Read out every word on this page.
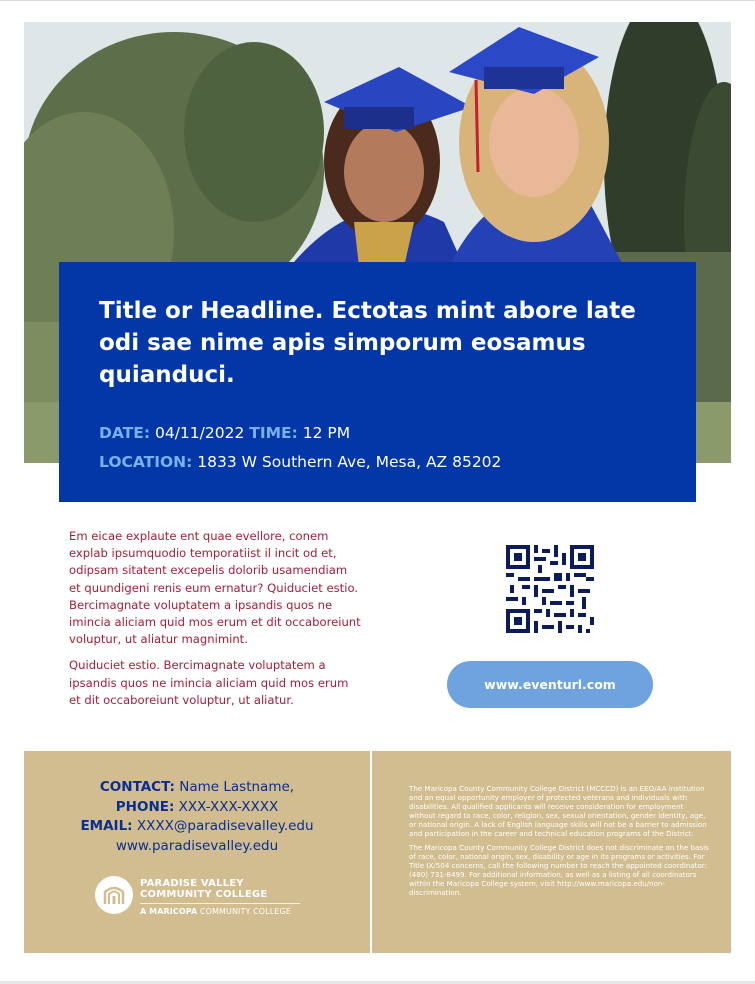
Title or Headline. Ectotas mint abore late odi sae nime apis simporum eosamus quianduci.
DATE: 04/11/2022 TIME: 12 PM
LOCATION: 1833 W Southern Ave, Mesa, AZ 85202

Em eicae explaute ent quae evellore, conem explab ipsumquodio temporatiist il incit od et, odipsam sitatent excepelis dolorib usamendiam et quundigeni renis eum ernatur? Quiduciet estio. Bercimagnate voluptatem a ipsandis quos ne imincia aliciam quid mos erum et dit occaboreiunt voluptur, ut aliatur magnimint.

Quiduciet estio. Bercimagnate voluptatem a ipsandis quos ne imincia aliciam quid mos erum et dit occaboreiunt voluptur, ut aliatur.

www.eventurl.com
CONTACT: Name Lastname,
PHONE: XXX-XXX-XXXX
EMAIL: XXXX@paradisevalley.edu
www.paradisevalley.edu
PARADISE VALLEY
COMMUNITY COLLEGE
A MARICOPA COMMUNITY COLLEGE

The Maricopa County Community College District (MCCCD) is an EEO/AA institution and an equal opportunity employer of protected veterans and individuals with disabilities. All qualified applicants will receive consideration for employment without regard to race, color, religion, sex, sexual orientation, gender identity, age, or national origin. A lack of English language skills will not be a barrier to admission and participation in the career and technical education programs of the District.

The Maricopa County Community College District does not discriminate on the basis of race, color, national origin, sex, disability or age in its programs or activities. For Title IX/504 concerns, call the following number to reach the appointed coordinator: (480) 731-8499. For additional information, as well as a listing of all coordinators within the Maricopa College system, visit http://www.maricopa.edu/non-discrimination.
